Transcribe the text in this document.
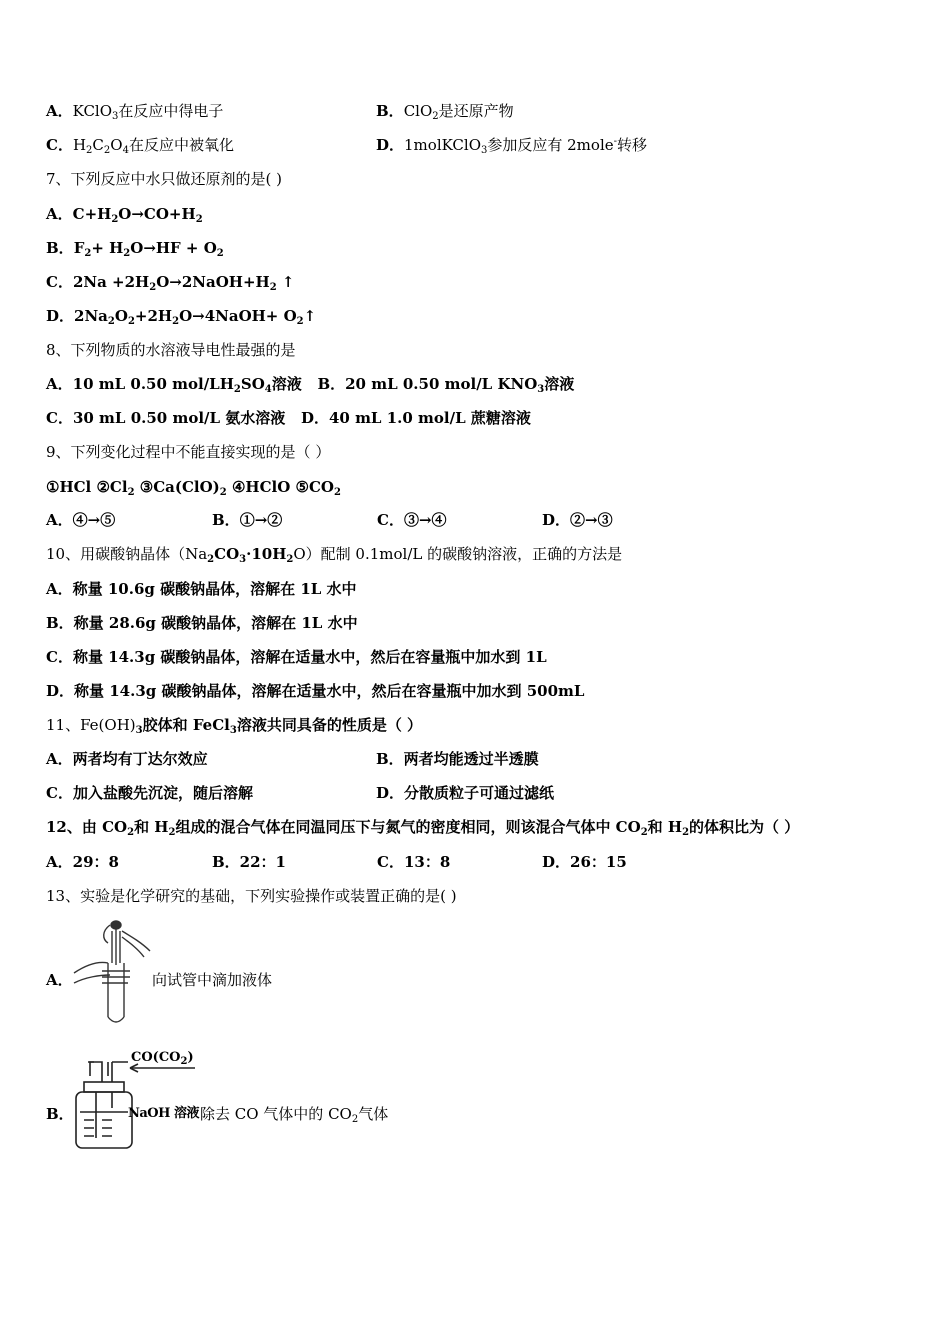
A．KClO$_3$在反应中得电子	B．ClO$_2$是还原产物
C．$H_2C_2O_4$在反应中被氧化	D．1molKClO$_3$参加反应有 2mole-转移
7、下列反应中水只做还原剂的是( )
A．$C+H_2O\to CO+H_2$
B．$F_2+ H_2O\to HF + O_2$
C．$2Na +2H_2O\to 2NaOH+H_2$ ↑
D．$2Na_2O_2+2H_2O\to 4NaOH+$ $O_2↑$
8、下列物质的水溶液导电性最强的是
A．10 mL 0.50 mol/$LH_2SO_4$溶液 B．20 mL 0.50 mol/L $KNO_3$溶液
C．30 mL 0.50 mol/L 氨水溶液 D．40 mL 1.0 mol/L 蔗糖溶液
9、下列变化过程中不能直接实现的是（ ）
①HCl $②Cl_2$ $③Ca(ClO)_2$ ④HClO $⑤CO_2$
A．④→⑤	B．①→②	C．③→④	D．②→③
10、用碳酸钠晶体$(Na_2CO_3\cdot 10H_2O)$配制 0.1mol/L 的碳酸钠溶液，正确的方法是
A．称量 10.6g 碳酸钠晶体，溶解在 1L 水中
B．称量 28.6g 碳酸钠晶体，溶解在 1L 水中
C．称量 14.3g 碳酸钠晶体，溶解在适量水中，然后在容量瓶中加水到 1L
D．称量 14.3g 碳酸钠晶体，溶解在适量水中，然后在容量瓶中加水到 500mL
11、$Fe(OH)_3$胶体和 FeCl$_3$溶液共同具备的性质是（ ）
A．两者均有丁达尔效应	B．两者均能透过半透膜
C．加入盐酸先沉淀，随后溶解	D．分散质粒子可通过滤纸
12、由 $CO_2$和 $H_2$组成的混合气体在同温同压下与氮气的密度相同，则该混合气体中 $CO_2$和 $H_2$的体积比为（ ）
A．29：8	B．22：1	C．13：8	D．26：15
13、实验是化学研究的基础，下列实验操作或装置正确的是( )
A．	向试管中滴加液体
B．
$CO(CO_2)$
NaOH 溶液 除去 CO 气体中的 $CO_2$气体
